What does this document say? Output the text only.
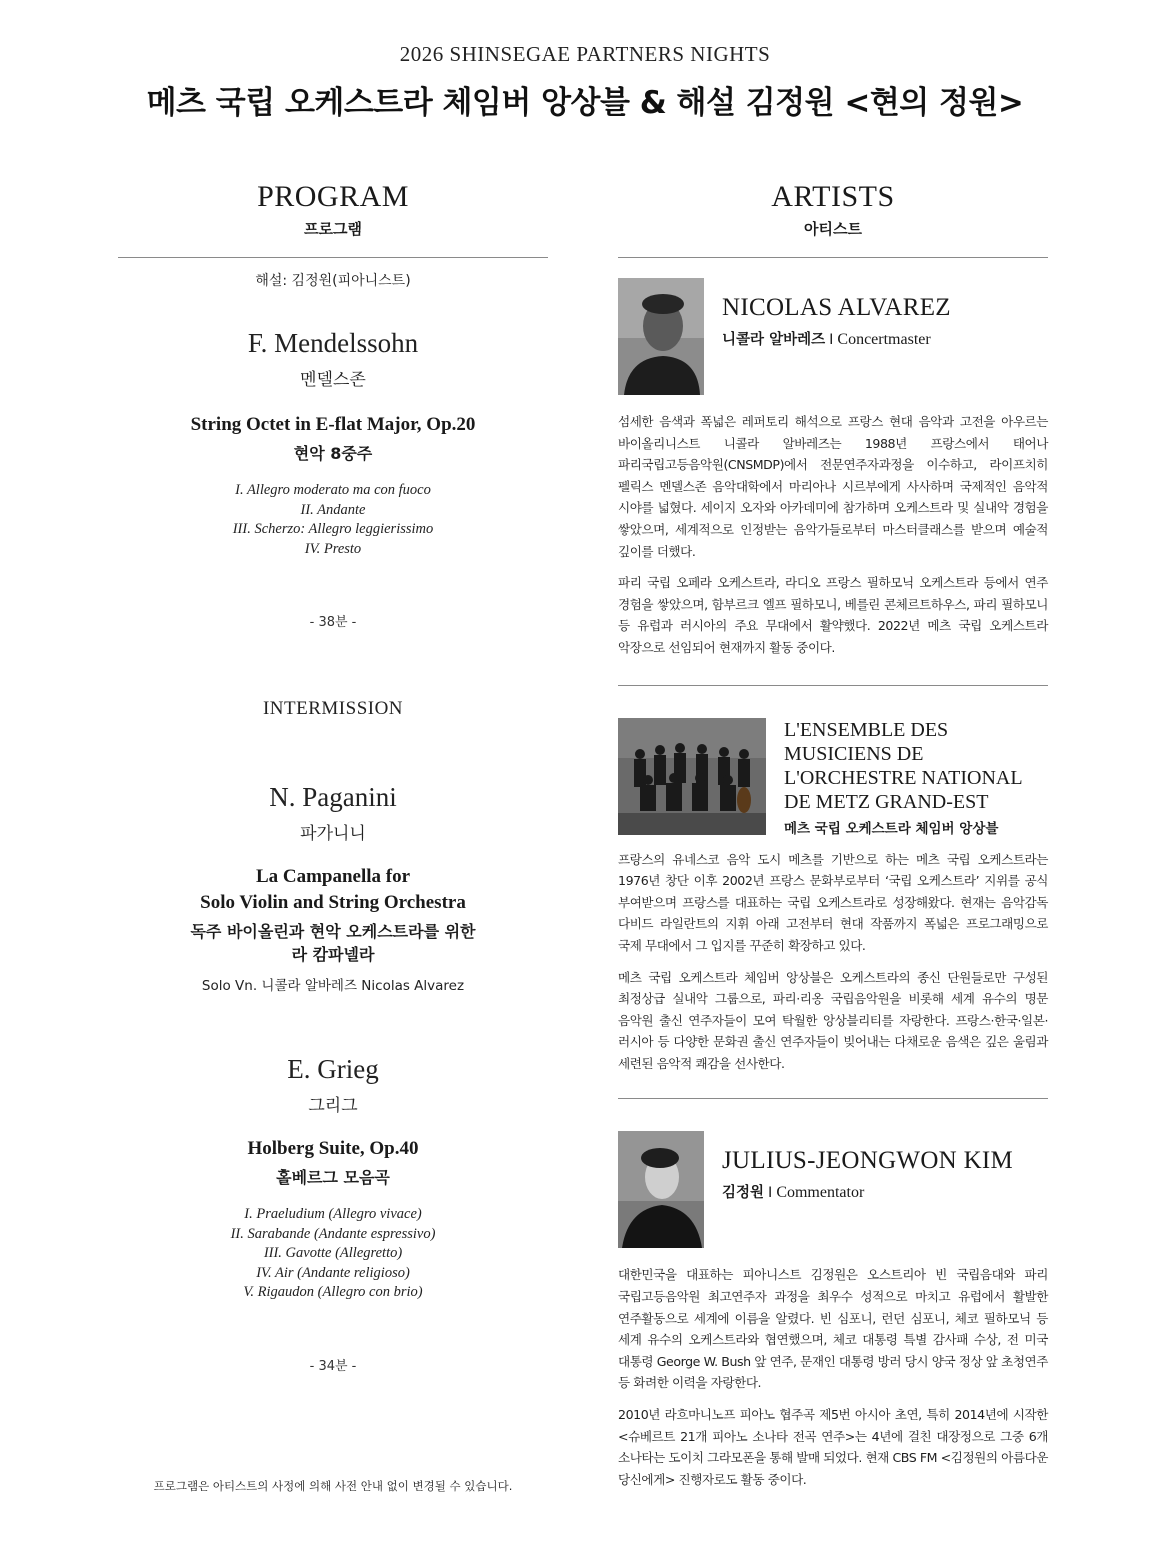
2026 SHINSEGAE PARTNERS NIGHTS
메츠 국립 오케스트라 체임버 앙상블 & 해설 김정원 <현의 정원>
PROGRAM
프로그램
해설: 김정원(피아니스트)
F. Mendelssohn
멘델스존
String Octet in E-flat Major, Op.20
현악 8중주
I. Allegro moderato ma con fuoco
II. Andante
III. Scherzo: Allegro leggierissimo
IV. Presto
- 38분 -
INTERMISSION
N. Paganini
파가니니
La Campanella for
Solo Violin and String Orchestra
독주 바이올린과 현악 오케스트라를 위한
라 캄파넬라
Solo Vn. 니콜라 알바레즈 Nicolas Alvarez
E. Grieg
그리그
Holberg Suite, Op.40
홀베르그 모음곡
I. Praeludium (Allegro vivace)
II. Sarabande (Andante espressivo)
III. Gavotte (Allegretto)
IV. Air (Andante religioso)
V. Rigaudon (Allegro con brio)
- 34분 -
프로그램은 아티스트의 사정에 의해 사전 안내 없이 변경될 수 있습니다.
ARTISTS
아티스트
NICOLAS ALVAREZ
니콜라 알바레즈 I Concertmaster

섬세한 음색과 폭넓은 레퍼토리 해석으로 프랑스 현대 음악과 고전을 아우르는 바이올리니스트 니콜라 알바레즈는 1988년 프랑스에서 태어나 파리국립고등음악원(CNSMDP)에서 전문연주자과정을 이수하고, 라이프치히 펠릭스 멘델스존 음악대학에서 마리아나 시르부에게 사사하며 국제적인 음악적 시야를 넓혔다. 세이지 오자와 아카데미에 참가하며 오케스트라 및 실내악 경험을 쌓았으며, 세계적으로 인정받는 음악가들로부터 마스터클래스를 받으며 예술적 깊이를 더했다.

파리 국립 오페라 오케스트라, 라디오 프랑스 필하모닉 오케스트라 등에서 연주 경험을 쌓았으며, 함부르크 엘프 필하모니, 베를린 콘체르트하우스, 파리 필하모니 등 유럽과 러시아의 주요 무대에서 활약했다. 2022년 메츠 국립 오케스트라 악장으로 선임되어 현재까지 활동 중이다.

L'ENSEMBLE DES
MUSICIENS DE
L'ORCHESTRE NATIONAL
DE METZ GRAND-EST
메츠 국립 오케스트라 체임버 앙상블

프랑스의 유네스코 음악 도시 메츠를 기반으로 하는 메츠 국립 오케스트라는 1976년 창단 이후 2002년 프랑스 문화부로부터 ‘국립 오케스트라’ 지위를 공식 부여받으며 프랑스를 대표하는 국립 오케스트라로 성장해왔다. 현재는 음악감독 다비드 라일란트의 지휘 아래 고전부터 현대 작품까지 폭넓은 프로그래밍으로 국제 무대에서 그 입지를 꾸준히 확장하고 있다.

메츠 국립 오케스트라 체임버 앙상블은 오케스트라의 종신 단원들로만 구성된 최정상급 실내악 그룹으로, 파리·리옹 국립음악원을 비롯해 세계 유수의 명문 음악원 출신 연주자들이 모여 탁월한 앙상블리티를 자랑한다. 프랑스·한국·일본·러시아 등 다양한 문화권 출신 연주자들이 빚어내는 다채로운 음색은 깊은 울림과 세련된 음악적 쾌감을 선사한다.

JULIUS-JEONGWON KIM
김정원 I Commentator

대한민국을 대표하는 피아니스트 김정원은 오스트리아 빈 국립음대와 파리 국립고등음악원 최고연주자 과정을 최우수 성적으로 마치고 유럽에서 활발한 연주활동으로 세계에 이름을 알렸다. 빈 심포니, 런던 심포니, 체코 필하모닉 등 세계 유수의 오케스트라와 협연했으며, 체코 대통령 특별 감사패 수상, 전 미국 대통령 George W. Bush 앞 연주, 문재인 대통령 방러 당시 양국 정상 앞 초청연주 등 화려한 이력을 자랑한다.

2010년 라흐마니노프 피아노 협주곡 제5번 아시아 초연, 특히 2014년에 시작한 <슈베르트 21개 피아노 소나타 전곡 연주>는 4년에 걸친 대장정으로 그중 6개 소나타는 도이치 그라모폰을 통해 발매 되었다. 현재 CBS FM <김정원의 아름다운 당신에게> 진행자로도 활동 중이다.
